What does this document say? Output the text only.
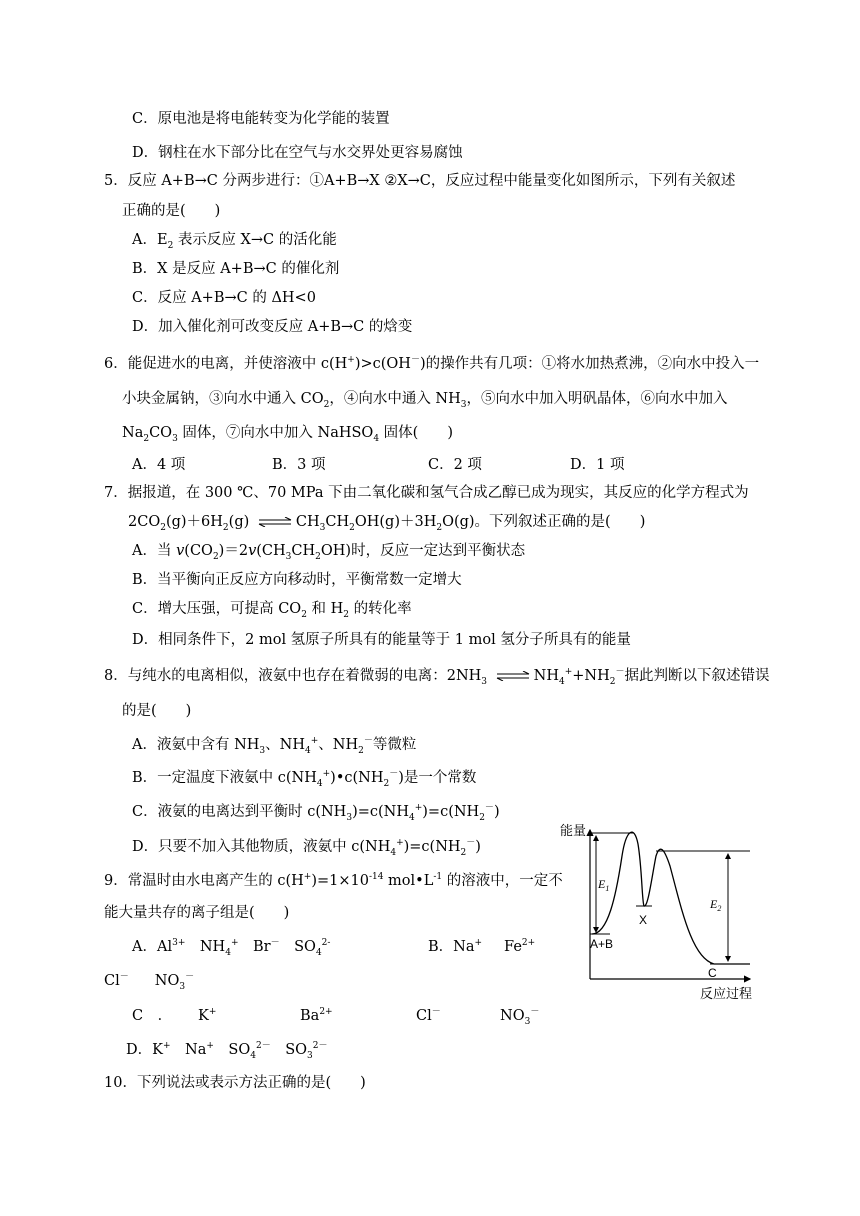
C．原电池是将电能转变为化学能的装置
D．钢柱在水下部分比在空气与水交界处更容易腐蚀
5．反应 A+B→C 分两步进行：①A+B→X ②X→C，反应过程中能量变化如图所示，下列有关叙述
正确的是(　　)
A．$E_2$ 表示反应 X→C 的活化能
B．X 是反应 A+B→C 的催化剂
C．反应 A+B→C 的 ΔH<0
D．加入催化剂可改变反应 A+B→C 的焓变
6．能促进水的电离，并使溶液中 c(H+)>c(OH－)的操作共有几项：①将水加热煮沸，②向水中投入一
小块金属钠，③向水中通入 $CO_2$，④向水中通入 $NH_3$，⑤向水中加入明矾晶体，⑥向水中加入
$Na_2CO_3$ 固体，⑦向水中加入 NaHSO$_4$ 固体(　　)
A．4 项	B．3 项	C．2 项	D．1 项
7．据报道，在 300 ℃、70 MPa 下由二氧化碳和氢气合成乙醇已成为现实，其反应的化学方程式为
$2CO_2(g)+6H_2(g)$ ⇌ $CH_3CH_2OH(g)+3H_2O(g)$。下列叙述正确的是(　　)
A．当 $v(CO_2)=2v(CH_3CH_2OH)$时，反应一定达到平衡状态
B．当平衡向正反应方向移动时，平衡常数一定增大
C．增大压强，可提高 $CO_2$ 和 $H_2$ 的转化率
D．相同条件下，2 mol 氢原子所具有的能量等于 1 mol 氢分子所具有的能量
8．与纯水的电离相似，液氨中也存在着微弱的电离：$2NH_3$ ⇌ $NH_4^++NH_2^-$据此判断以下叙述错误
的是(　　)
A．液氨中含有 $NH_3$、$NH_4^+$、$NH_2^-$等微粒
B．一定温度下液氨中 $c(NH_4^+)•c(NH_2^-)$是一个常数
C．液氨的电离达到平衡时 $c(NH_3)=c(NH_4^+)=c(NH_2^-)$
D．只要不加入其他物质，液氨中 $c(NH_4^+)=c(NH_2^-)$
9．常温时由水电离产生的 $c(H^+)=1\times 10^{-14}$ $mol•L^{-1}$ 的溶液中，一定不
能大量共存的离子组是(　　)
A．$Al^{3+}$　$NH_4^+$　Br－　$SO_4^{2-}$	B．Na+ $Fe^{2+}$
Cl－ $NO_3^-$
C　． K+	$Ba^{2+}$	Cl－	$NO_3^-$
D．K+　Na+　$SO_4^{2-}$　$SO_3^{2-}$
10．下列说法或表示方法正确的是(　　)
能量
反应过程
$E_1$
$E_2$
X
A+B
C
